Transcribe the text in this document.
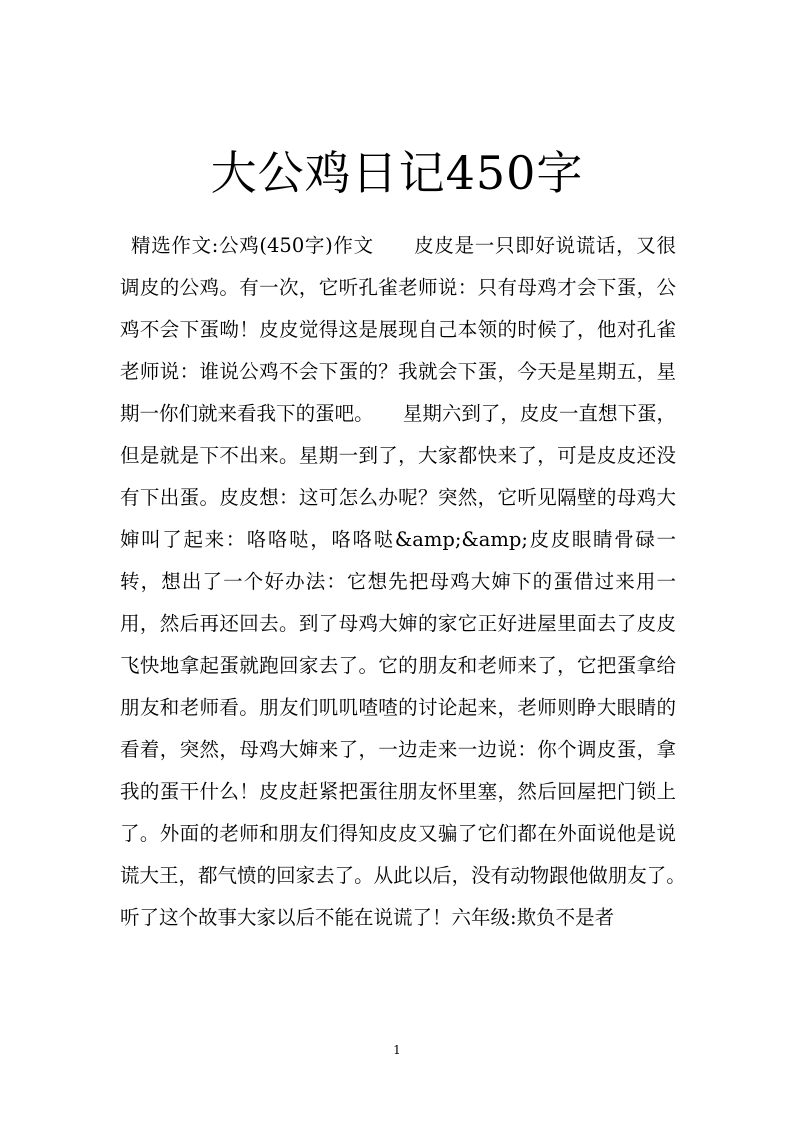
大公鸡日记450字

精选作文:公鸡(450字)作文　　皮皮是一只即好说谎话，又很调皮的公鸡。有一次，它听孔雀老师说：只有母鸡才会下蛋，公鸡不会下蛋呦！皮皮觉得这是展现自己本领的时候了，他对孔雀老师说：谁说公鸡不会下蛋的？我就会下蛋，今天是星期五，星期一你们就来看我下的蛋吧。　　星期六到了，皮皮一直想下蛋，但是就是下不出来。星期一到了，大家都快来了，可是皮皮还没有下出蛋。皮皮想：这可怎么办呢？突然，它听见隔壁的母鸡大婶叫了起来：咯咯哒，咯咯哒&amp;&amp;皮皮眼睛骨碌一转，想出了一个好办法：它想先把母鸡大婶下的蛋借过来用一用，然后再还回去。到了母鸡大婶的家它正好进屋里面去了皮皮飞快地拿起蛋就跑回家去了。它的朋友和老师来了，它把蛋拿给朋友和老师看。朋友们叽叽喳喳的讨论起来，老师则睁大眼睛的看着，突然，母鸡大婶来了，一边走来一边说：你个调皮蛋，拿我的蛋干什么！皮皮赶紧把蛋往朋友怀里塞，然后回屋把门锁上了。外面的老师和朋友们得知皮皮又骗了它们都在外面说他是说谎大王，都气愤的回家去了。从此以后，没有动物跟他做朋友了。　　听了这个故事大家以后不能在说谎了！六年级:欺负不是者

1
